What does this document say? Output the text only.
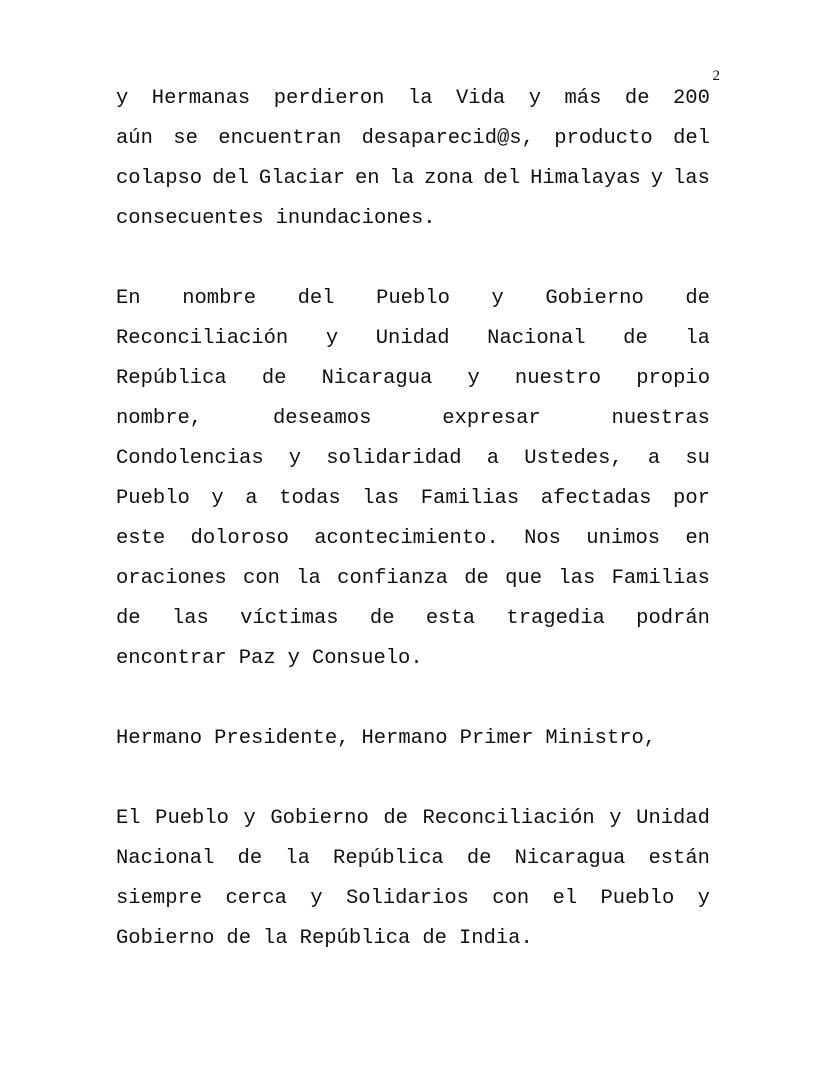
2
y Hermanas perdieron la Vida y más de 200
aún se encuentran desaparecid@s, producto del
colapso del Glaciar en la zona del Himalayas y las
consecuentes inundaciones.
En nombre del Pueblo y Gobierno de
Reconciliación y Unidad Nacional de la
República de Nicaragua y nuestro propio
nombre,	deseamos	expresar	nuestras
Condolencias y solidaridad a Ustedes, a su
Pueblo y a todas las Familias afectadas por
este doloroso acontecimiento. Nos unimos en
oraciones con la confianza de que las Familias
de las víctimas de esta tragedia podrán
encontrar Paz y Consuelo.
Hermano Presidente, Hermano Primer Ministro,
El Pueblo y Gobierno de Reconciliación y Unidad
Nacional de la República de Nicaragua están
siempre cerca y Solidarios con el Pueblo y
Gobierno de la República de India.
